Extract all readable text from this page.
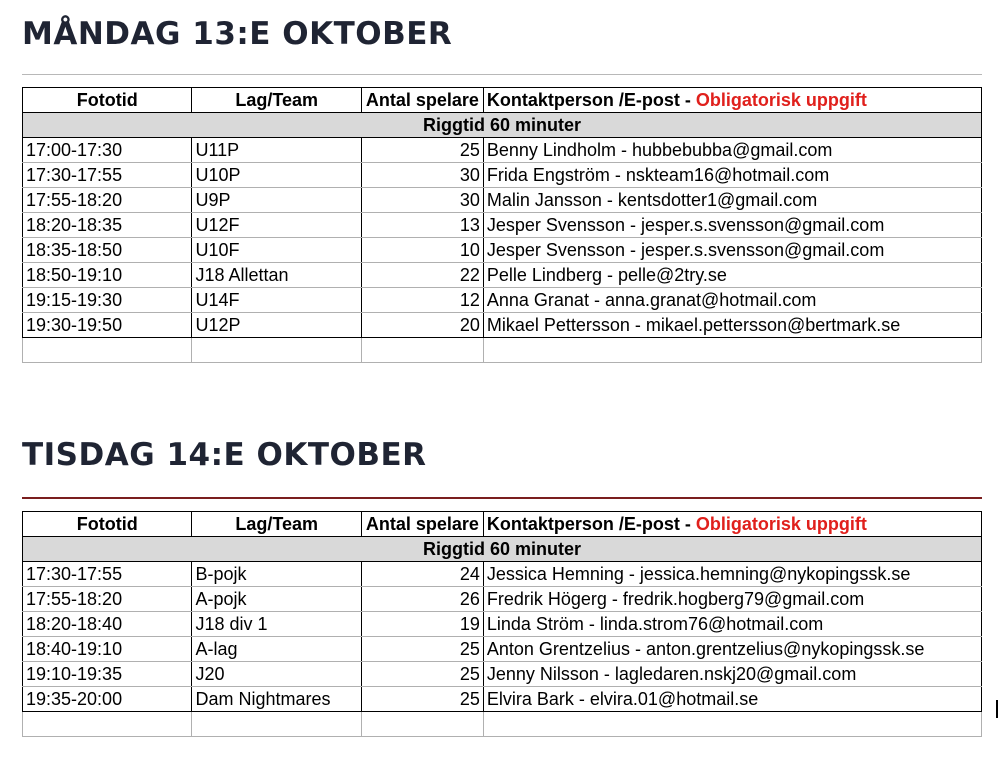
MÅNDAG 13:E OKTOBER
Fototid	Lag/Team	Antal spelare	Kontaktperson /E-post - Obligatorisk uppgift
Riggtid 60 minuter			
17:00-17:30	U11P	25	Benny Lindholm - hubbebubba@gmail.com
17:30-17:55	U10P	30	Frida Engström - nskteam16@hotmail.com
17:55-18:20	U9P	30	Malin Jansson - kentsdotter1@gmail.com
18:20-18:35	U12F	13	Jesper Svensson - jesper.s.svensson@gmail.com
18:35-18:50	U10F	10	Jesper Svensson - jesper.s.svensson@gmail.com
18:50-19:10	J18 Allettan	22	Pelle Lindberg - pelle@2try.se
19:15-19:30	U14F	12	Anna Granat - anna.granat@hotmail.com
19:30-19:50	U12P	20	Mikael Pettersson - mikael.pettersson@bertmark.se

TISDAG 14:E OKTOBER
Fototid	Lag/Team	Antal spelare	Kontaktperson /E-post - Obligatorisk uppgift
Riggtid 60 minuter			
17:30-17:55	B-pojk	24	Jessica Hemning - jessica.hemning@nykopingssk.se
17:55-18:20	A-pojk	26	Fredrik Högerg - fredrik.hogberg79@gmail.com
18:20-18:40	J18 div 1	19	Linda Ström - linda.strom76@hotmail.com
18:40-19:10	A-lag	25	Anton Grentzelius - anton.grentzelius@nykopingssk.se
19:10-19:35	J20	25	Jenny Nilsson - lagledaren.nskj20@gmail.com
19:35-20:00	Dam Nightmares	25	Elvira Bark - elvira.01@hotmail.se
